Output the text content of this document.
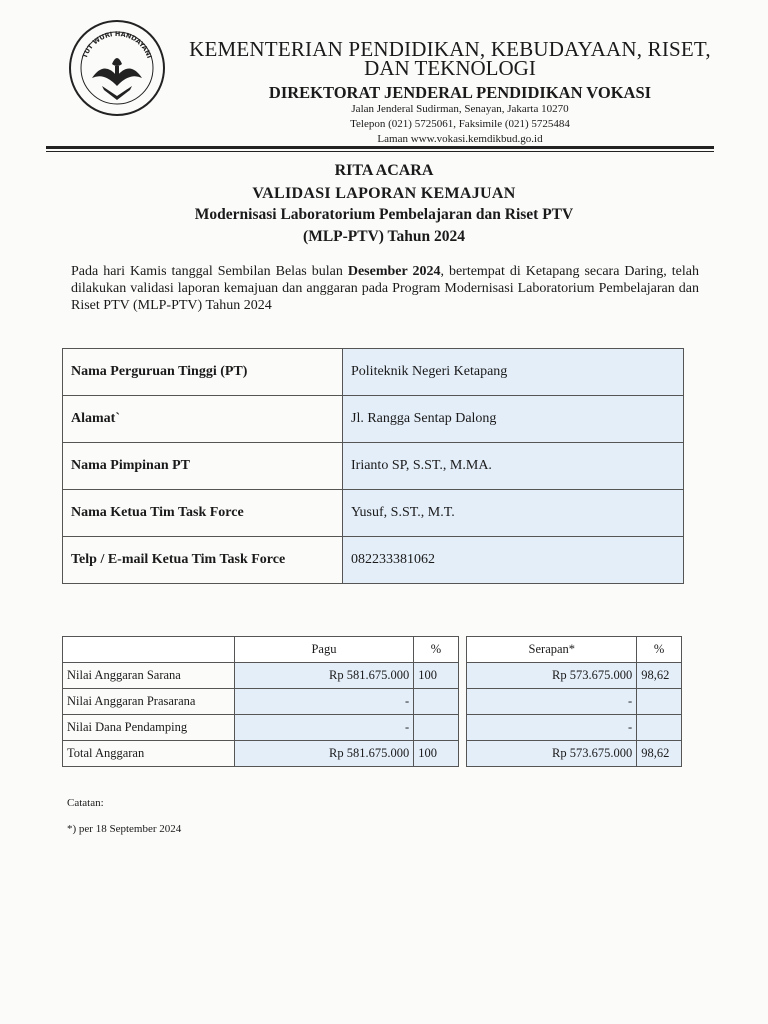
TUT WURI HANDAYANI	KEMENTERIAN PENDIDIKAN, KEBUDAYAAN, RISET,
DAN TEKNOLOGI
DIREKTORAT JENDERAL PENDIDIKAN VOKASI
Jalan Jenderal Sudirman, Senayan, Jakarta 10270
Telepon (021) 5725061, Faksimile (021) 5725484
Laman www.vokasi.kemdikbud.go.id
RITA ACARA
VALIDASI LAPORAN KEMAJUAN
Modernisasi Laboratorium Pembelajaran dan Riset PTV
(MLP-PTV) Tahun 2024
Pada hari Kamis tanggal Sembilan Belas bulan Desember 2024, bertempat di Ketapang secara Daring, telah dilakukan validasi laporan kemajuan dan anggaran pada Program Modernisasi Laboratorium Pembelajaran dan Riset PTV (MLP-PTV) Tahun 2024
Nama Perguruan Tinggi (PT)	Politeknik Negeri Ketapang
Alamat`	Jl. Rangga Sentap Dalong
Nama Pimpinan PT	Irianto SP, S.ST., M.MA.
Nama Ketua Tim Task Force	Yusuf, S.ST., M.T.
Telp / E-mail Ketua Tim Task Force	082233381062
	Pagu	%		Serapan*	%
Nilai Anggaran Sarana	Rp 581.675.000	100		Rp 573.675.000	98,62
Nilai Anggaran Prasarana	-			-	
Nilai Dana Pendamping	-			-	
Total Anggaran	Rp 581.675.000	100		Rp 573.675.000	98,62
Catatan:
*) per 18 September 2024
